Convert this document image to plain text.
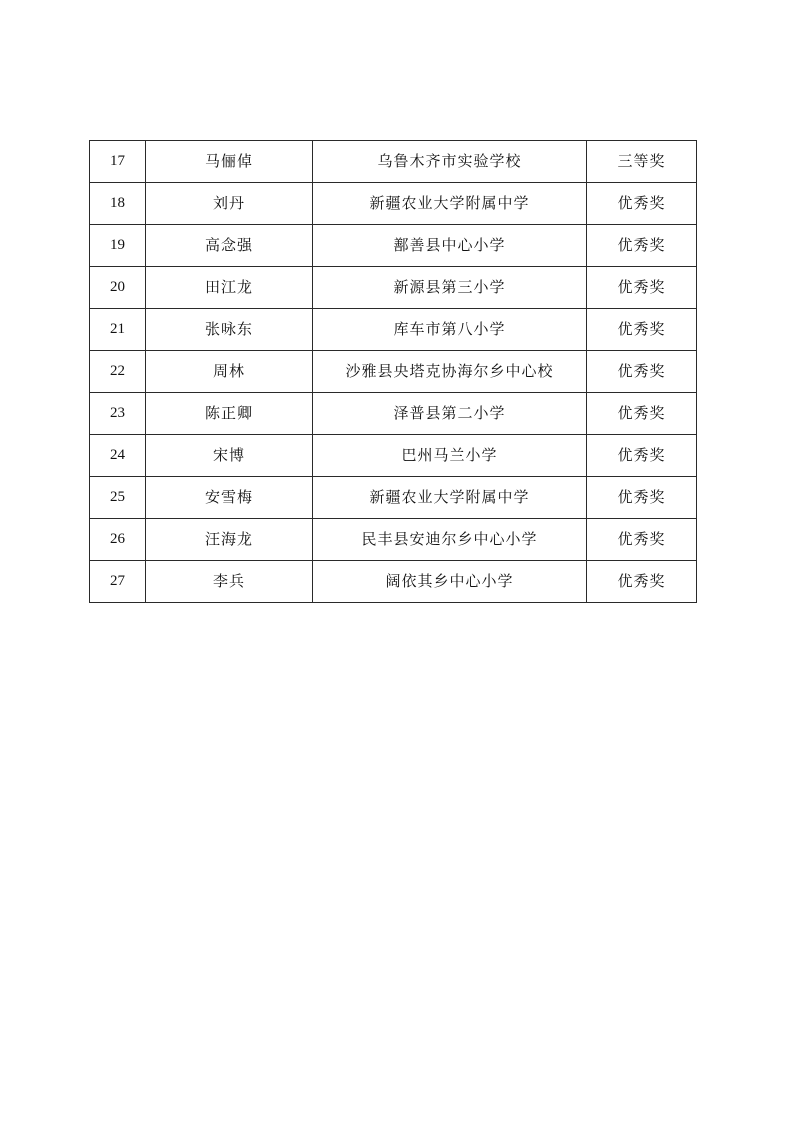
17	马俪倬	乌鲁木齐市实验学校	三等奖
18	刘丹	新疆农业大学附属中学	优秀奖
19	高念强	鄯善县中心小学	优秀奖
20	田江龙	新源县第三小学	优秀奖
21	张咏东	库车市第八小学	优秀奖
22	周林	沙雅县央塔克协海尔乡中心校	优秀奖
23	陈正卿	泽普县第二小学	优秀奖
24	宋博	巴州马兰小学	优秀奖
25	安雪梅	新疆农业大学附属中学	优秀奖
26	汪海龙	民丰县安迪尔乡中心小学	优秀奖
27	李兵	阔依其乡中心小学	优秀奖
